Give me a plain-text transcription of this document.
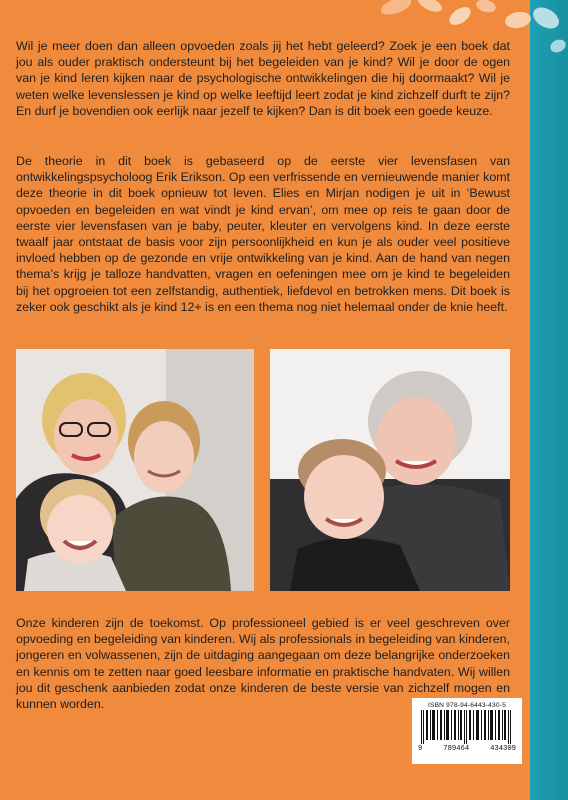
Wil je meer doen dan alleen opvoeden zoals jij het hebt geleerd? Zoek je een boek dat jou als ouder praktisch ondersteunt bij het begeleiden van je kind? Wil je door de ogen van je kind leren kijken naar de psychologische ontwikkelingen die hij doormaakt? Wil je weten welke levenslessen je kind op welke leeftijd leert zodat je kind zichzelf durft te zijn? En durf je bovendien ook eerlijk naar jezelf te kijken? Dan is dit boek een goede keuze.

De theorie in dit boek is gebaseerd op de eerste vier levensfasen van ontwikkelingspsycholoog Erik Erikson. Op een verfrissende en vernieuwende manier komt deze theorie in dit boek opnieuw tot leven. Elies en Mirjan nodigen je uit in ‘Bewust opvoeden en begeleiden en wat vindt je kind ervan’, om mee op reis te gaan door de eerste vier levensfasen van je baby, peuter, kleuter en vervolgens kind. In deze eerste twaalf jaar ontstaat de basis voor zijn persoonlijkheid en kun je als ouder veel positieve invloed hebben op de gezonde en vrije ontwikkeling van je kind. Aan de hand van negen thema’s krijg je talloze handvatten, vragen en oefeningen mee om je kind te begeleiden bij het opgroeien tot een zelfstandig, authentiek, liefdevol en betrokken mens. Dit boek is zeker ook geschikt als je kind 12+ is en een thema nog niet helemaal onder de knie heeft.

Onze kinderen zijn de toekomst. Op professioneel gebied is er veel geschreven over opvoeding en begeleiding van kinderen. Wij als professionals in begeleiding van kinderen, jongeren en volwassenen, zijn de uitdaging aangegaan om deze belangrijke onderzoeken en kennis om te zetten naar goed leesbare informatie en praktische handvaten. Wij willen jou dit geschenk aanbieden zodat onze kinderen de beste versie van zichzelf mogen en kunnen worden.	ISBN 978-94-6443-430-5
9	789464	434309
